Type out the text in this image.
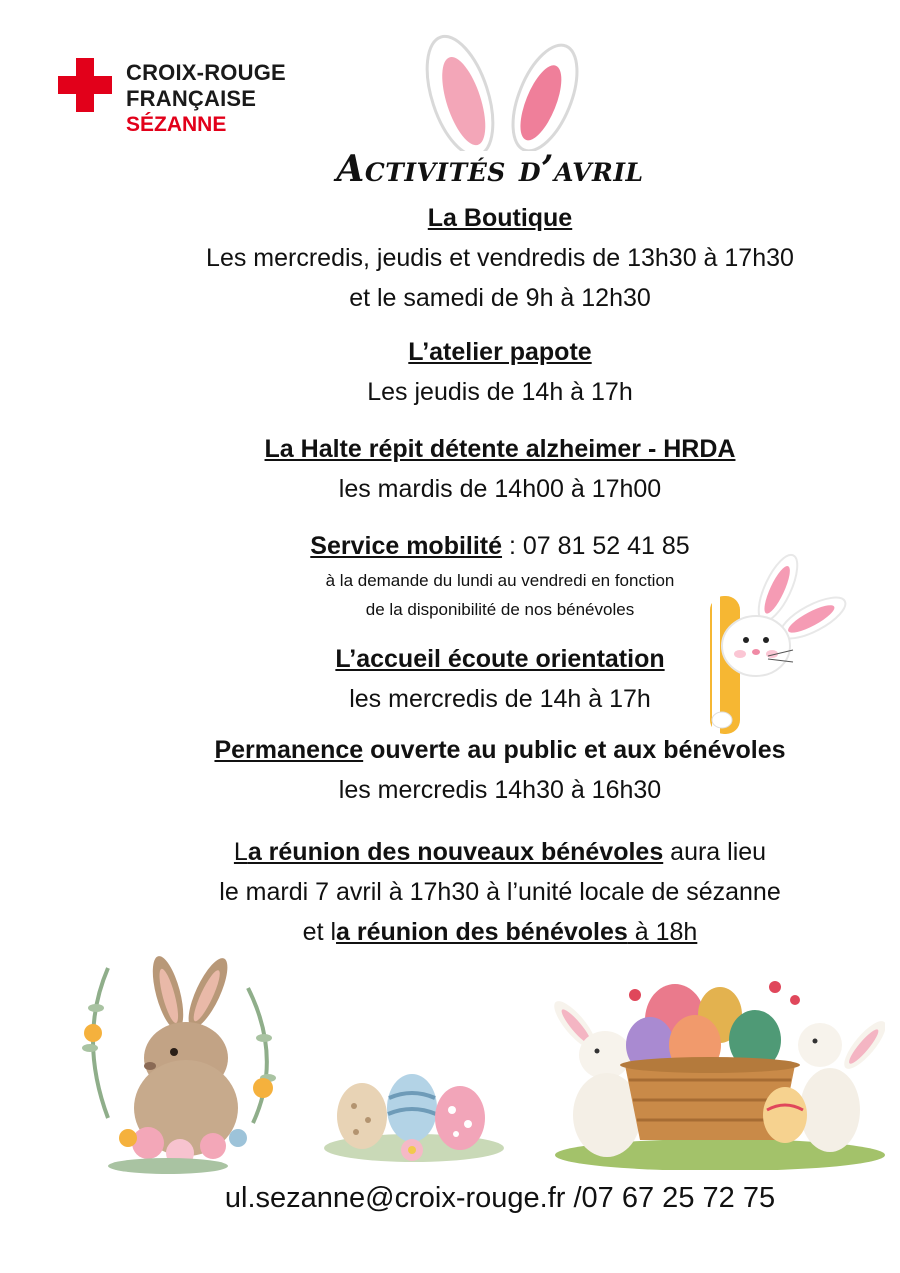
CROIX-ROUGE
FRANÇAISE
SÉZANNE
Activités d’avril
La Boutique
Les mercredis, jeudis et vendredis de 13h30 à 17h30
et le samedi de 9h à 12h30
L’atelier papote
Les jeudis de 14h à 17h
La Halte répit détente alzheimer - HRDA
les mardis de 14h00 à 17h00
Service mobilité : 07 81 52 41 85
à la demande du lundi au vendredi en fonction
de la disponibilité de nos bénévoles
L’accueil écoute orientation
les mercredis de 14h à 17h
Permanence ouverte au public et aux bénévoles
les mercredis 14h30 à 16h30
La réunion des nouveaux bénévoles aura lieu
le mardi 7 avril à 17h30 à l’unité locale de sézanne
et la réunion des bénévoles à 18h
ul.sezanne@croix-rouge.fr /07 67 25 72 75
